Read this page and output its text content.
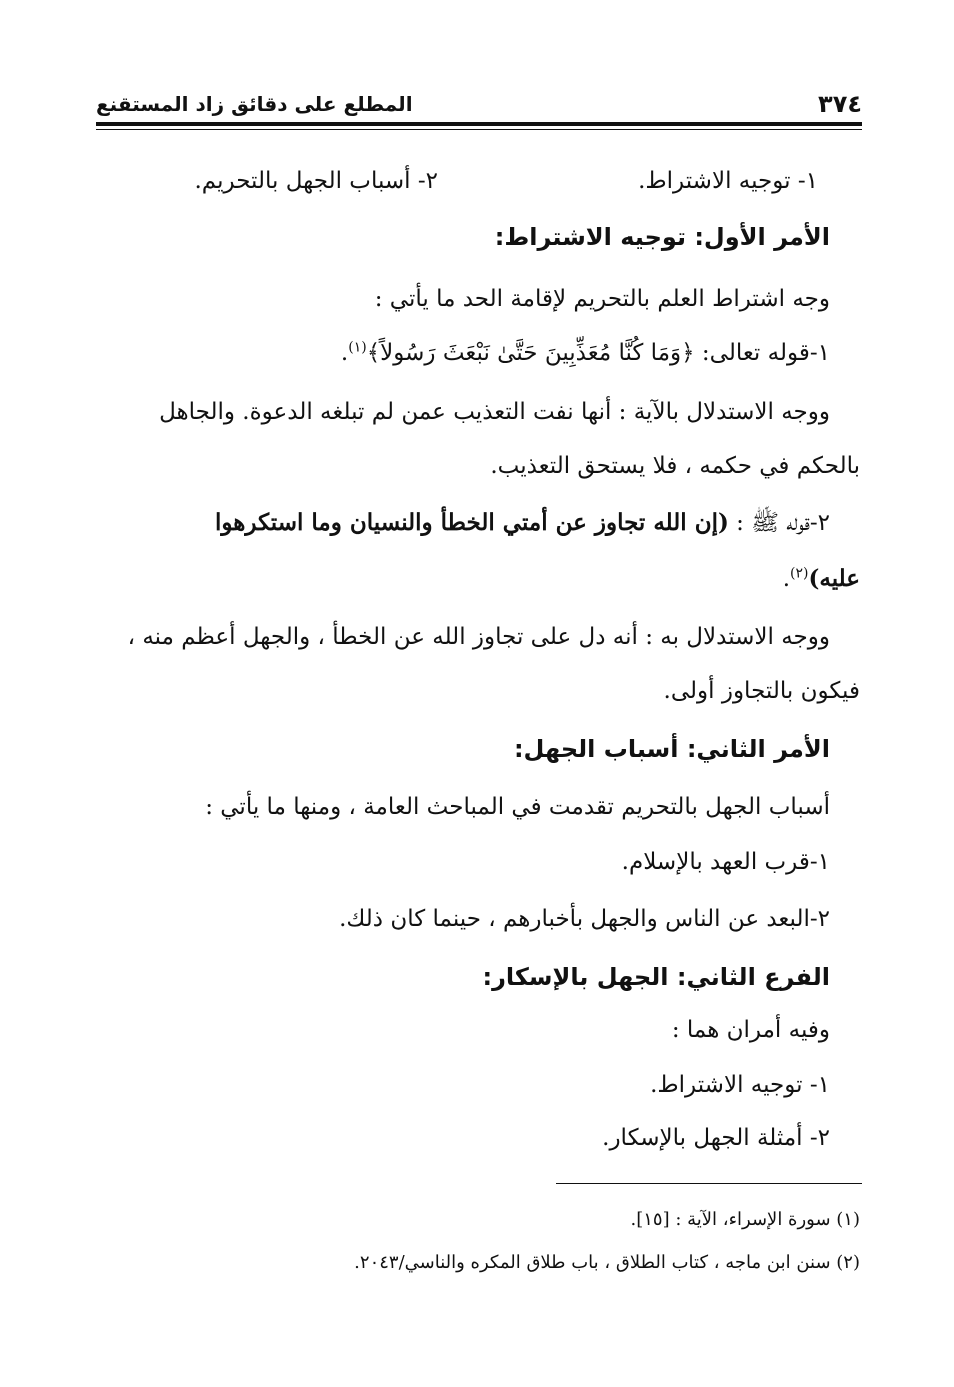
٣٧٤
المطلع على دقائق زاد المستقنع
١- توجيه الاشتراط.
٢- أسباب الجهل بالتحريم.
الأمر الأول: توجيه الاشتراط:
وجه اشتراط العلم بالتحريم لإقامة الحد ما يأتي :
١-قوله تعالى: ﴿وَمَا كُنَّا مُعَذِّبِينَ حَتَّىٰ نَبْعَثَ رَسُولاً﴾$^{(١)}$.
ووجه الاستدلال بالآية : أنها نفت التعذيب عمن لم تبلغه الدعوة. والجاهل
بالحكم في حكمه ، فلا يستحق التعذيب.
٢-قوله ﷺ : (إن الله تجاوز عن أمتي الخطأ والنسيان وما استكرهوا
عليه)$^{(٢)}$.
ووجه الاستدلال به : أنه دل على تجاوز الله عن الخطأ ، والجهل أعظم منه ،
فيكون بالتجاوز أولى.
الأمر الثاني: أسباب الجهل:
أسباب الجهل بالتحريم تقدمت في المباحث العامة ، ومنها ما يأتي :
١-قرب العهد بالإسلام.
٢-البعد عن الناس والجهل بأخبارهم ، حينما كان ذلك.
الفرع الثاني: الجهل بالإسكار:
وفيه أمران هما :
١- توجيه الاشتراط.
٢- أمثلة الجهل بالإسكار.
(١) سورة الإسراء، الآية : [١٥].
(٢) سنن ابن ماجه ، كتاب الطلاق ، باب طلاق المكره والناسي/٢٠٤٣.
